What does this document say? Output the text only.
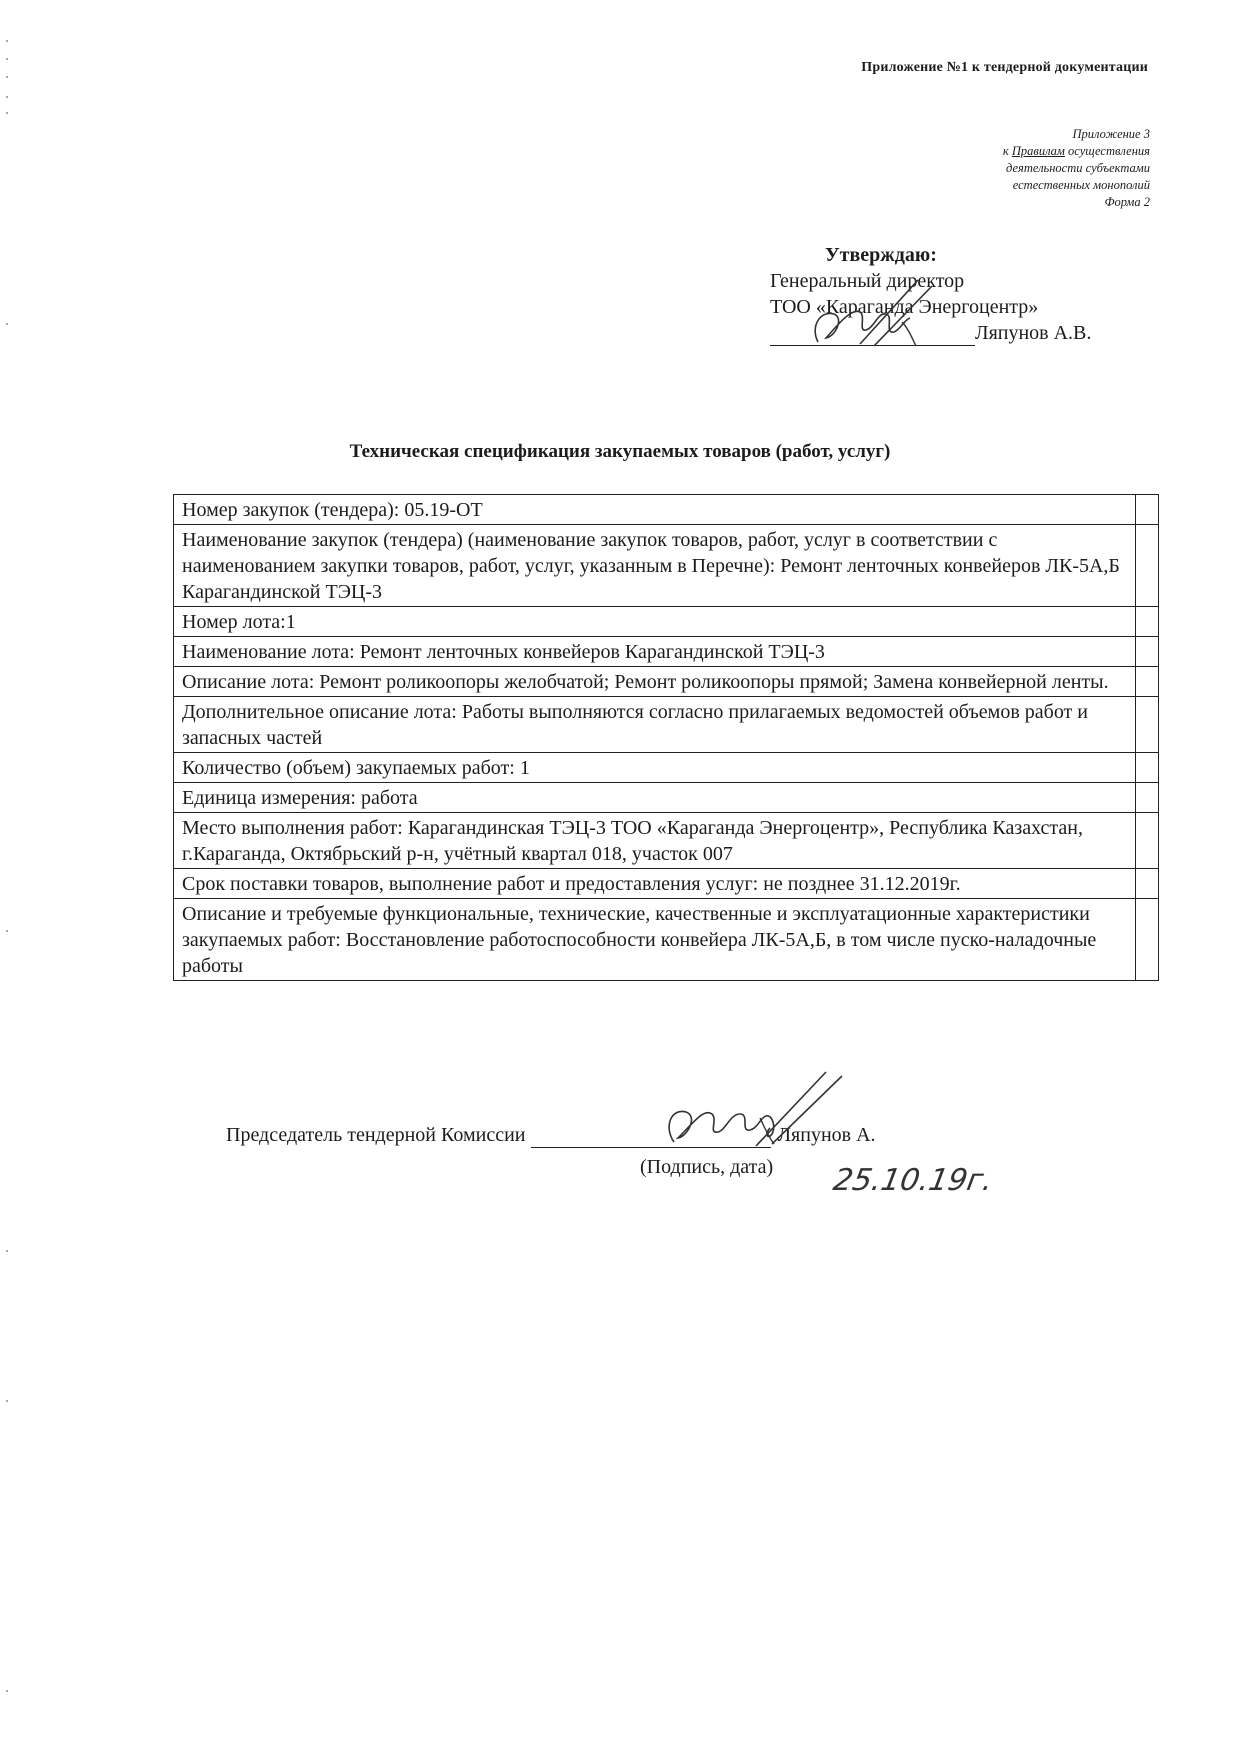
Приложение №1 к тендерной документации
Приложение 3
к Правилам осуществления
деятельности субъектами
естественных монополий
Форма 2
Утверждаю:
Генеральный директор
ТОО «Караганда Энергоцентр»
Ляпунов А.В.
Техническая спецификация закупаемых товаров (работ, услуг)
Номер закупок (тендера): 05.19-ОТ	
Наименование закупок (тендера) (наименование закупок товаров, работ, услуг в соответствии с наименованием закупки товаров, работ, услуг, указанным в Перечне): Ремонт ленточных конвейеров ЛК-5А,Б Карагандинской ТЭЦ-3	
Номер лота:1	
Наименование лота: Ремонт ленточных конвейеров Карагандинской ТЭЦ-3	
Описание лота: Ремонт роликоопоры желобчатой; Ремонт роликоопоры прямой; Замена конвейерной ленты.	
Дополнительное описание лота: Работы выполняются согласно прилагаемых ведомостей объемов работ и запасных частей	
Количество (объем) закупаемых работ: 1	
Единица измерения: работа	
Место выполнения работ: Карагандинская ТЭЦ-3 ТОО «Караганда Энергоцентр», Республика Казахстан, г.Караганда, Октябрьский р-н, учётный квартал 018, участок 007	
Срок поставки товаров, выполнение работ и предоставления услуг: не позднее 31.12.2019г.	
Описание и требуемые функциональные, технические, качественные и эксплуатационные характеристики закупаемых работ: Восстановление работоспособности конвейера ЛК-5А,Б, в том числе пуско-наладочные работы	
Председатель тендерной Комиссии	Ляпунов А.
(Подпись, дата) 25.10.19г.
